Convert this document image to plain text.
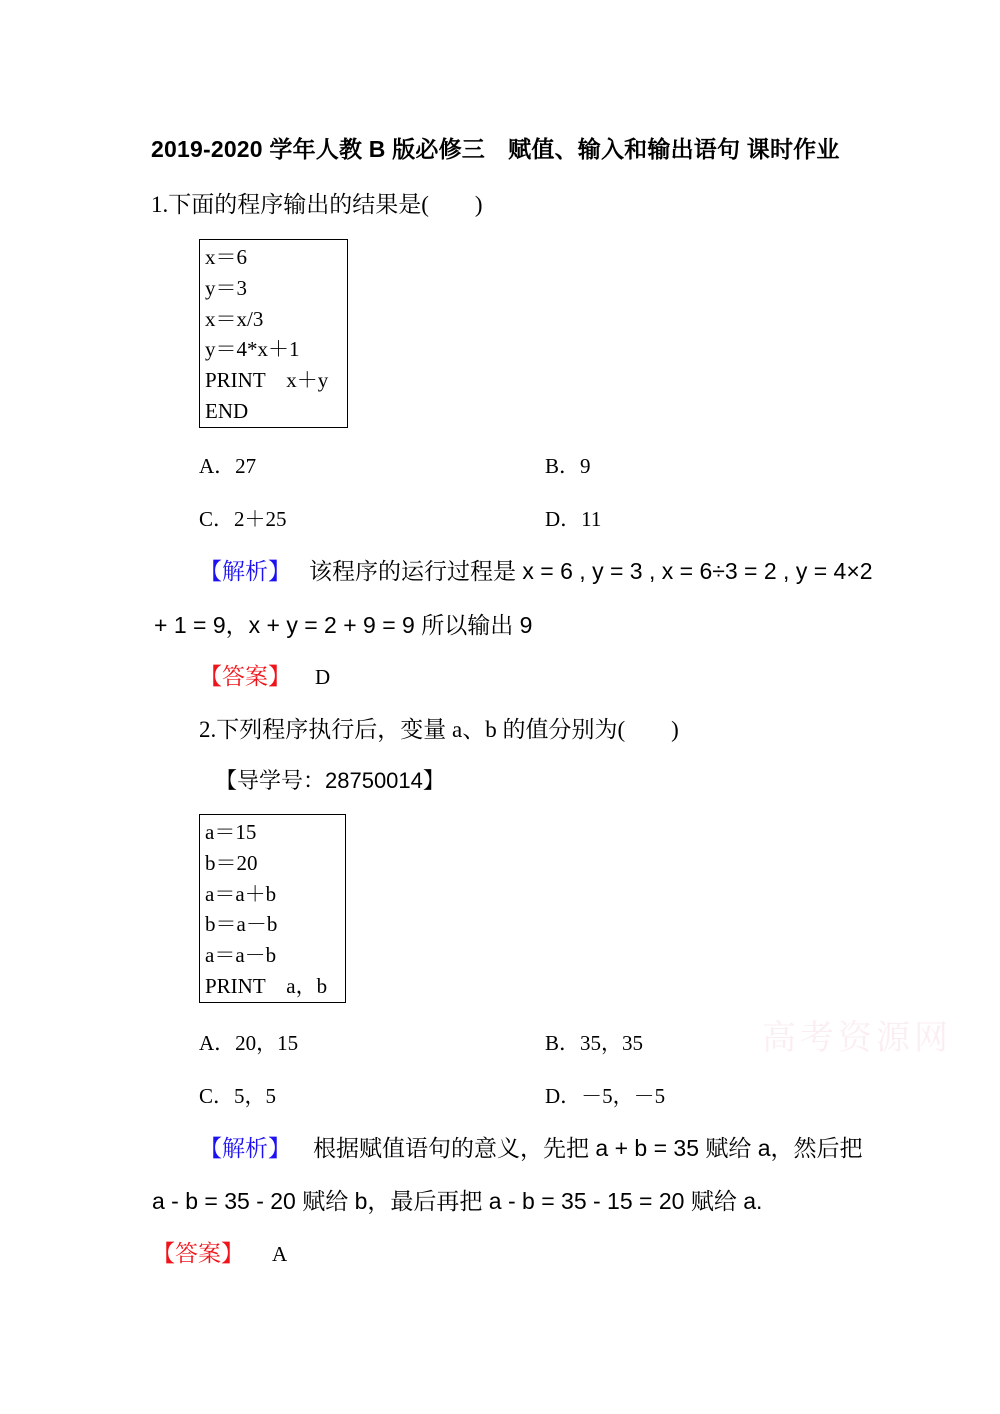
2019-2020 学年人教 B 版必修三　赋值、输入和输出语句 课时作业
1.下面的程序输出的结果是(　　)
x＝6
y＝3
x＝x/3
y＝4*x＋1
PRINT　x＋y
END
A．27	B．9
C．2＋25	D．11
【解析】 该程序的运行过程是 x = 6 , y = 3 , x = 6÷3 = 2 , y = 4×2
+ 1 = 9，x + y = 2 + 9 = 9 所以输出 9
【答案】 D
2.下列程序执行后，变量 a、b 的值分别为(　　)
【导学号：28750014】
a＝15
b＝20
a＝a＋b
b＝a－b
a＝a－b
PRINT　a，b
A．20，15	B．35，35
C．5，5	D．－5，－5
高考资源网
【解析】 根据赋值语句的意义，先把 a + b = 35 赋给 a，然后把
a - b = 35 - 20 赋给 b，最后再把 a - b = 35 - 15 = 20 赋给 a.
【答案】 A
